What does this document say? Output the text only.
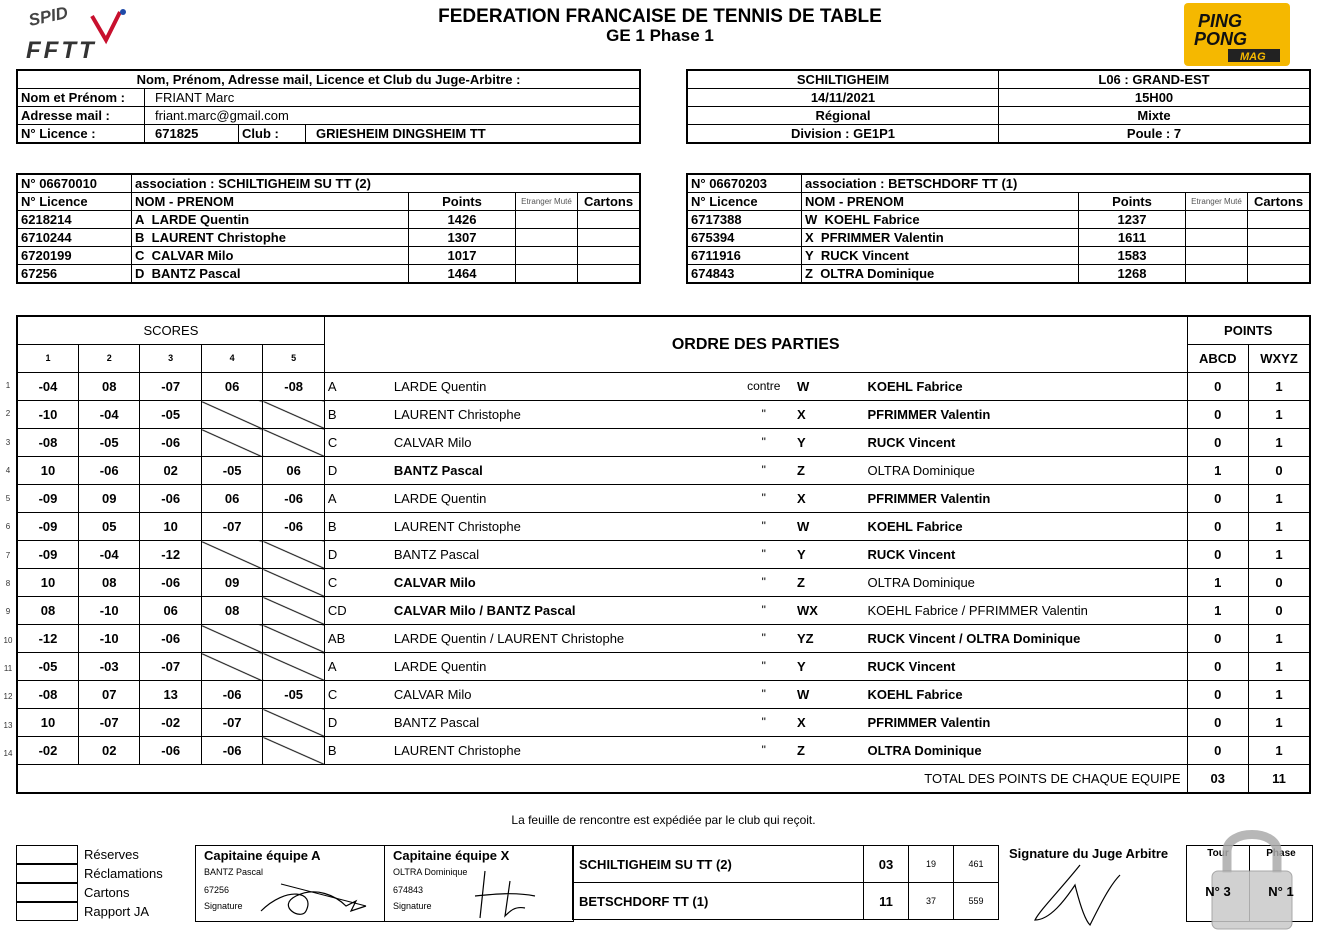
SPID
FFTT
FEDERATION FRANCAISE DE TENNIS DE TABLE
GE 1 Phase 1
PING
PONG
MAG
Nom, Prénom, Adresse mail, Licence et Club du Juge-Arbitre :			
Nom et Prénom :	FRIANT Marc		
Adresse mail :	friant.marc@gmail.com		
N° Licence :	671825	Club :	GRIESHEIM DINGSHEIM TT
SCHILTIGHEIM	L06 : GRAND-EST
14/11/2021	15H00
Régional	Mixte
Division : GE1P1	Poule : 7
N° 06670010	association : SCHILTIGHEIM SU TT (2)			
N° Licence	NOM - PRENOM	Points	Etranger Muté	Cartons
6218214	A LARDE Quentin	1426		
6710244	B LAURENT Christophe	1307		
6720199	C CALVAR Milo	1017		
67256	D BANTZ Pascal	1464		
N° 06670203	association : BETSCHDORF TT (1)			
N° Licence	NOM - PRENOM	Points	Etranger Muté	Cartons
6717388	W KOEHL Fabrice	1237		
675394	X PFRIMMER Valentin	1611		
6711916	Y RUCK Vincent	1583		
674843	Z OLTRA Dominique	1268		
1
2
3
4
5
6
7
8
9
10
11
12
13
14
SCORES					ORDRE DES PARTIES					POINTS	
1	2	3	4	5						ABCD	WXYZ
-04	08	-07	06	-08	A	LARDE Quentin	contre	W	KOEHL Fabrice	0	1
-10	-04	-05			B	LAURENT Christophe	"	X	PFRIMMER Valentin	0	1
-08	-05	-06			C	CALVAR Milo	"	Y	RUCK Vincent	0	1
10	-06	02	-05	06	D	BANTZ Pascal	"	Z	OLTRA Dominique	1	0
-09	09	-06	06	-06	A	LARDE Quentin	"	X	PFRIMMER Valentin	0	1
-09	05	10	-07	-06	B	LAURENT Christophe	"	W	KOEHL Fabrice	0	1
-09	-04	-12			D	BANTZ Pascal	"	Y	RUCK Vincent	0	1
10	08	-06	09		C	CALVAR Milo	"	Z	OLTRA Dominique	1	0
08	-10	06	08		CD	CALVAR Milo / BANTZ Pascal	"	WX	KOEHL Fabrice / PFRIMMER Valentin	1	0
-12	-10	-06			AB	LARDE Quentin / LAURENT Christophe	"	YZ	RUCK Vincent / OLTRA Dominique	0	1
-05	-03	-07			A	LARDE Quentin	"	Y	RUCK Vincent	0	1
-08	07	13	-06	-05	C	CALVAR Milo	"	W	KOEHL Fabrice	0	1
10	-07	-02	-07		D	BANTZ Pascal	"	X	PFRIMMER Valentin	0	1
-02	02	-06	-06		B	LAURENT Christophe	"	Z	OLTRA Dominique	0	1
TOTAL DES POINTS DE CHAQUE EQUIPE										03	11
La feuille de rencontre est expédiée par le club qui reçoit.
Réserves
Réclamations
Cartons
Rapport JA
Capitaine équipe A
BANTZ Pascal
67256
Signature
Capitaine équipe X
OLTRA Dominique
674843
Signature
SCHILTIGHEIM SU TT (2)	03	19	461
BETSCHDORF TT (1)	11	37	559
Signature du Juge Arbitre	Tour	Phase
N° 3	N° 1
